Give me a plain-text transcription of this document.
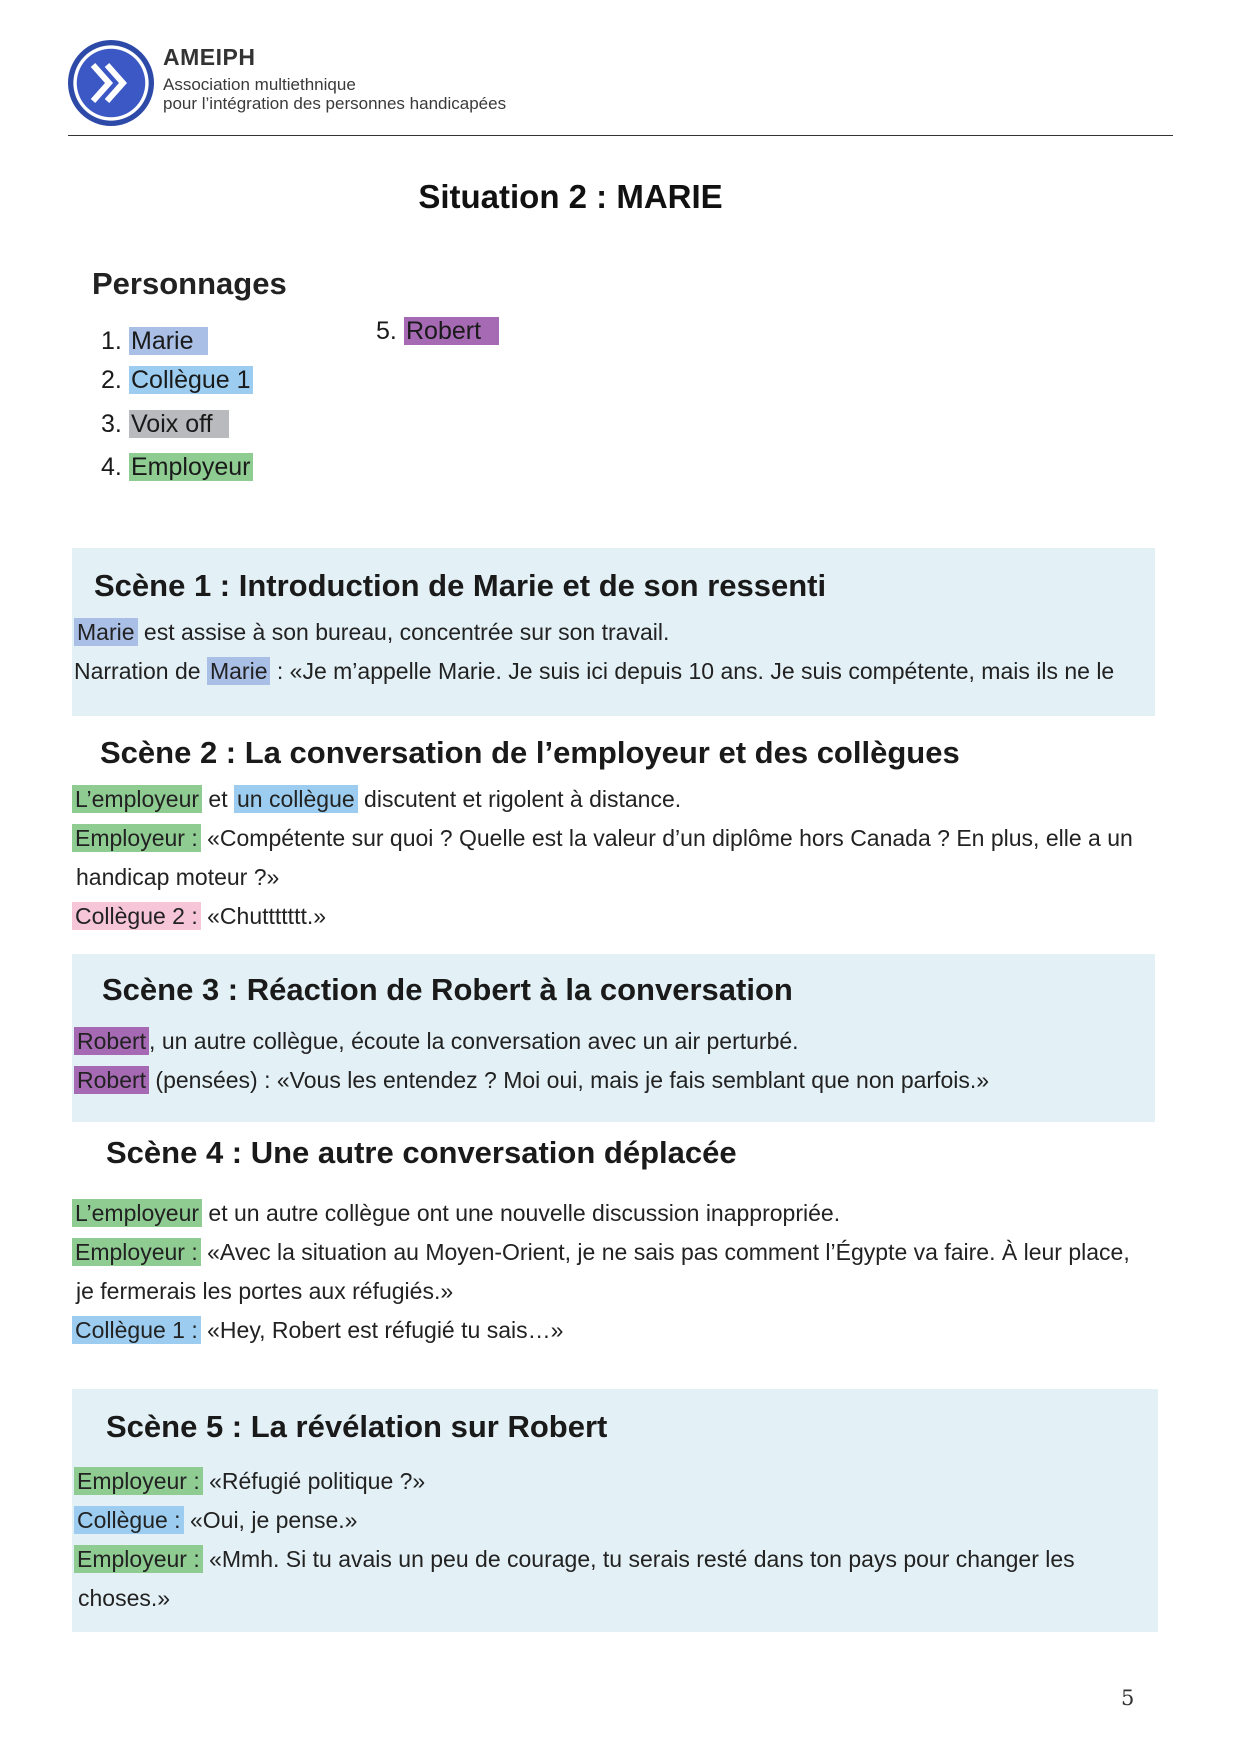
AMEIPH
Association multiethnique
pour l’intégration des personnes handicapées
Situation 2 : MARIE
Personnages
1. Marie
2. Collègue 1
3. Voix off
4. Employeur
5. Robert
Scène 1 : Introduction de Marie et de son ressenti
Marie est assise à son bureau, concentrée sur son travail.
Narration de Marie : «Je m’appelle Marie. Je suis ici depuis 10 ans. Je suis compétente, mais ils ne le
Scène 2 : La conversation de l’employeur et des collègues
L’employeur et un collègue discutent et rigolent à distance.
Employeur : «Compétente sur quoi ? Quelle est la valeur d’un diplôme hors Canada ? En plus, elle a un
handicap moteur ?»
Collègue 2 : «Chuttttttt.»
Scène 3 : Réaction de Robert à la conversation
Robert , un autre collègue, écoute la conversation avec un air perturbé.
Robert (pensées) : «Vous les entendez ? Moi oui, mais je fais semblant que non parfois.»
Scène 4 : Une autre conversation déplacée
L’employeur et un autre collègue ont une nouvelle discussion inappropriée.
Employeur : «Avec la situation au Moyen-Orient, je ne sais pas comment l’Égypte va faire. À leur place,
je fermerais les portes aux réfugiés.»
Collègue 1 : «Hey, Robert est réfugié tu sais…»
Scène 5 : La révélation sur Robert
Employeur : «Réfugié politique ?»
Collègue : «Oui, je pense.»
Employeur : «Mmh. Si tu avais un peu de courage, tu serais resté dans ton pays pour changer les
choses.»
5
